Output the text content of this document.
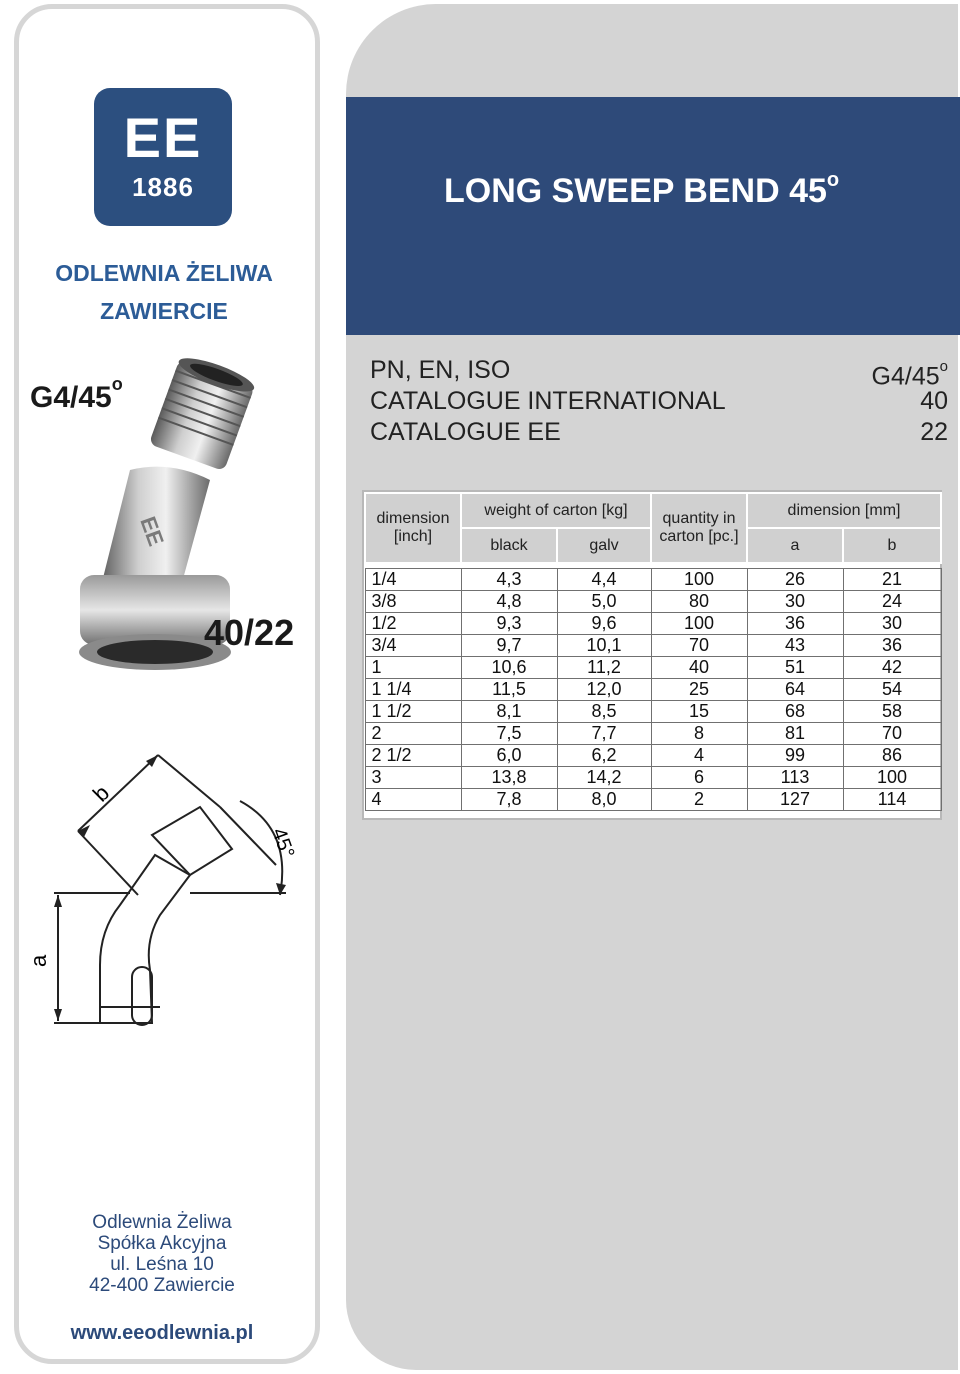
LONG SWEEP BEND 45$^o$
EE
1886
ODLEWNIA ŻELIWA
ZAWIERCIE
EE
G4/45$^o$
40/22
b
a
45°
PN, EN, ISO	G4/45$^o$
CATALOGUE INTERNATIONAL	40
CATALOGUE EE	22
dimension [inch]	weight of carton [kg]		quantity in carton [pc.]	dimension [mm]	
	black	galv		a	b

1/4	4,3	4,4	100	26	21
3/8	4,8	5,0	80	30	24
1/2	9,3	9,6	100	36	30
3/4	9,7	10,1	70	43	36
1	10,6	11,2	40	51	42
1 1/4	11,5	12,0	25	64	54
1 1/2	8,1	8,5	15	68	58
2	7,5	7,7	8	81	70
2 1/2	6,0	6,2	4	99	86
3	13,8	14,2	6	113	100
4	7,8	8,0	2	127	114
Odlewnia Żeliwa
Spółka Akcyjna
ul. Leśna 10
42-400 Zawiercie
www.eeodlewnia.pl
